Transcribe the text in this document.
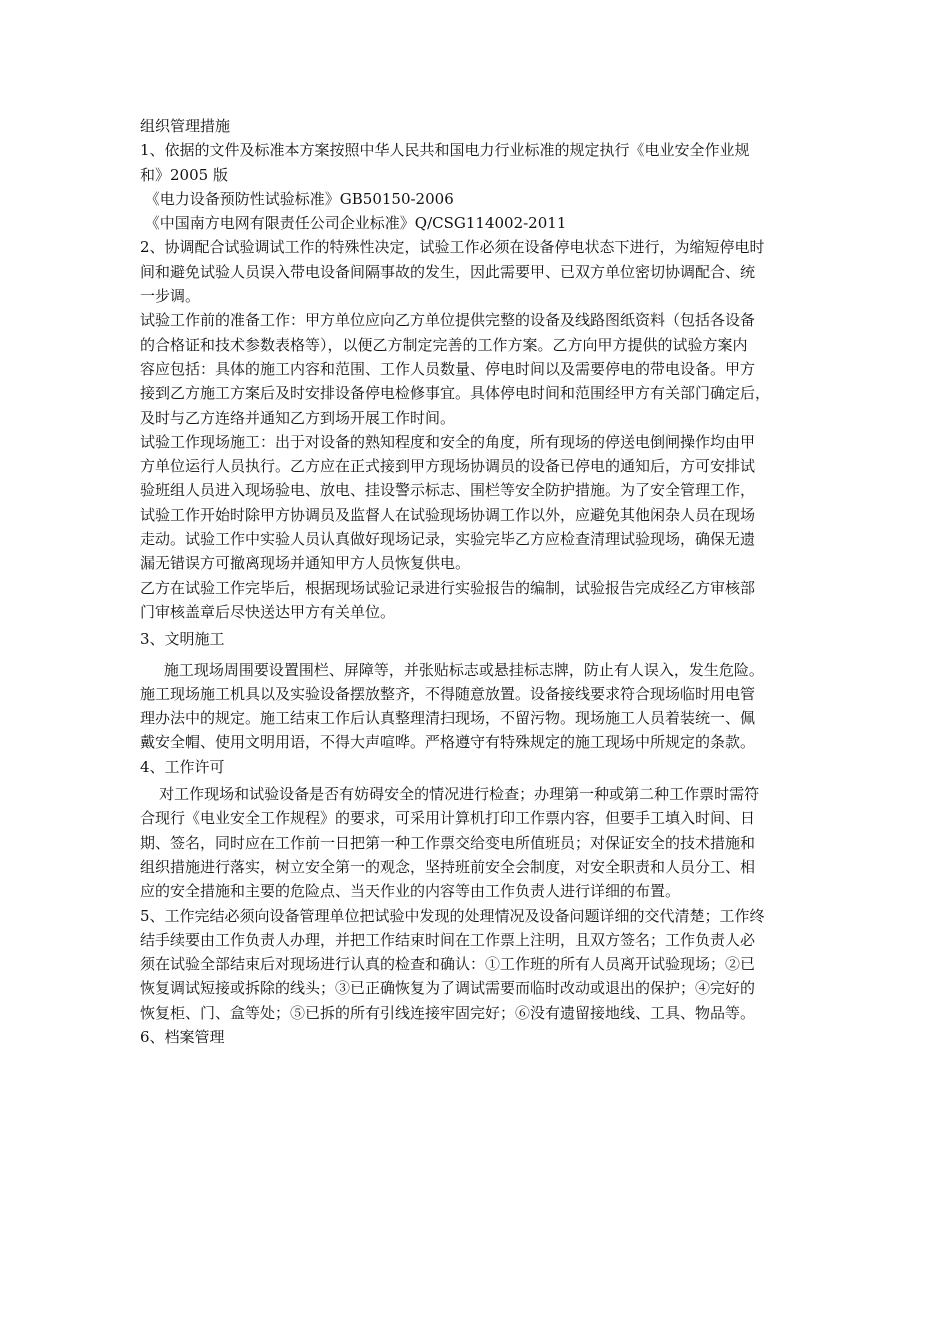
组织管理措施
1、依据的文件及标准本方案按照中华人民共和国电力行业标准的规定执行《电业安全作业规
和》2005 版
《电力设备预防性试验标准》GB50150-2006
《中国南方电网有限责任公司企业标准》Q/CSG114002-2011
2、协调配合试验调试工作的特殊性决定，试验工作必须在设备停电状态下进行，为缩短停电时
间和避免试验人员误入带电设备间隔事故的发生，因此需要甲、已双方单位密切协调配合、统
一步调。
试验工作前的准备工作：甲方单位应向乙方单位提供完整的设备及线路图纸资料（包括各设备
的合格证和技术参数表格等），以便乙方制定完善的工作方案。乙方向甲方提供的试验方案内
容应包括：具体的施工内容和范围、工作人员数量、停电时间以及需要停电的带电设备。甲方
接到乙方施工方案后及时安排设备停电检修事宜。具体停电时间和范围经甲方有关部门确定后，
及时与乙方连络并通知乙方到场开展工作时间。
试验工作现场施工：出于对设备的熟知程度和安全的角度，所有现场的停送电倒闸操作均由甲
方单位运行人员执行。乙方应在正式接到甲方现场协调员的设备已停电的通知后，方可安排试
验班组人员进入现场验电、放电、挂设警示标志、围栏等安全防护措施。为了安全管理工作，
试验工作开始时除甲方协调员及监督人在试验现场协调工作以外，应避免其他闲杂人员在现场
走动。试验工作中实验人员认真做好现场记录，实验完毕乙方应检查清理试验现场，确保无遗
漏无错误方可撤离现场并通知甲方人员恢复供电。
乙方在试验工作完毕后，根据现场试验记录进行实验报告的编制，试验报告完成经乙方审核部
门审核盖章后尽快送达甲方有关单位。
3、文明施工
施工现场周围要设置围栏、屏障等，并张贴标志或悬挂标志牌，防止有人误入，发生危险。
施工现场施工机具以及实验设备摆放整齐，不得随意放置。设备接线要求符合现场临时用电管
理办法中的规定。施工结束工作后认真整理清扫现场，不留污物。现场施工人员着装统一、佩
戴安全帽、使用文明用语，不得大声喧哗。严格遵守有特殊规定的施工现场中所规定的条款。
4、工作许可
对工作现场和试验设备是否有妨碍安全的情况进行检查；办理第一种或第二种工作票时需符
合现行《电业安全工作规程》的要求，可采用计算机打印工作票内容，但要手工填入时间、日
期、签名，同时应在工作前一日把第一种工作票交给变电所值班员；对保证安全的技术措施和
组织措施进行落实，树立安全第一的观念，坚持班前安全会制度，对安全职责和人员分工、相
应的安全措施和主要的危险点、当天作业的内容等由工作负责人进行详细的布置。
5、工作完结必须向设备管理单位把试验中发现的处理情况及设备问题详细的交代清楚；工作终
结手续要由工作负责人办理，并把工作结束时间在工作票上注明，且双方签名；工作负责人必
须在试验全部结束后对现场进行认真的检查和确认：①工作班的所有人员离开试验现场；②已
恢复调试短接或拆除的线头；③已正确恢复为了调试需要而临时改动或退出的保护；④完好的
恢复柜、门、盒等处；⑤已拆的所有引线连接牢固完好；⑥没有遗留接地线、工具、物品等。
6、档案管理
